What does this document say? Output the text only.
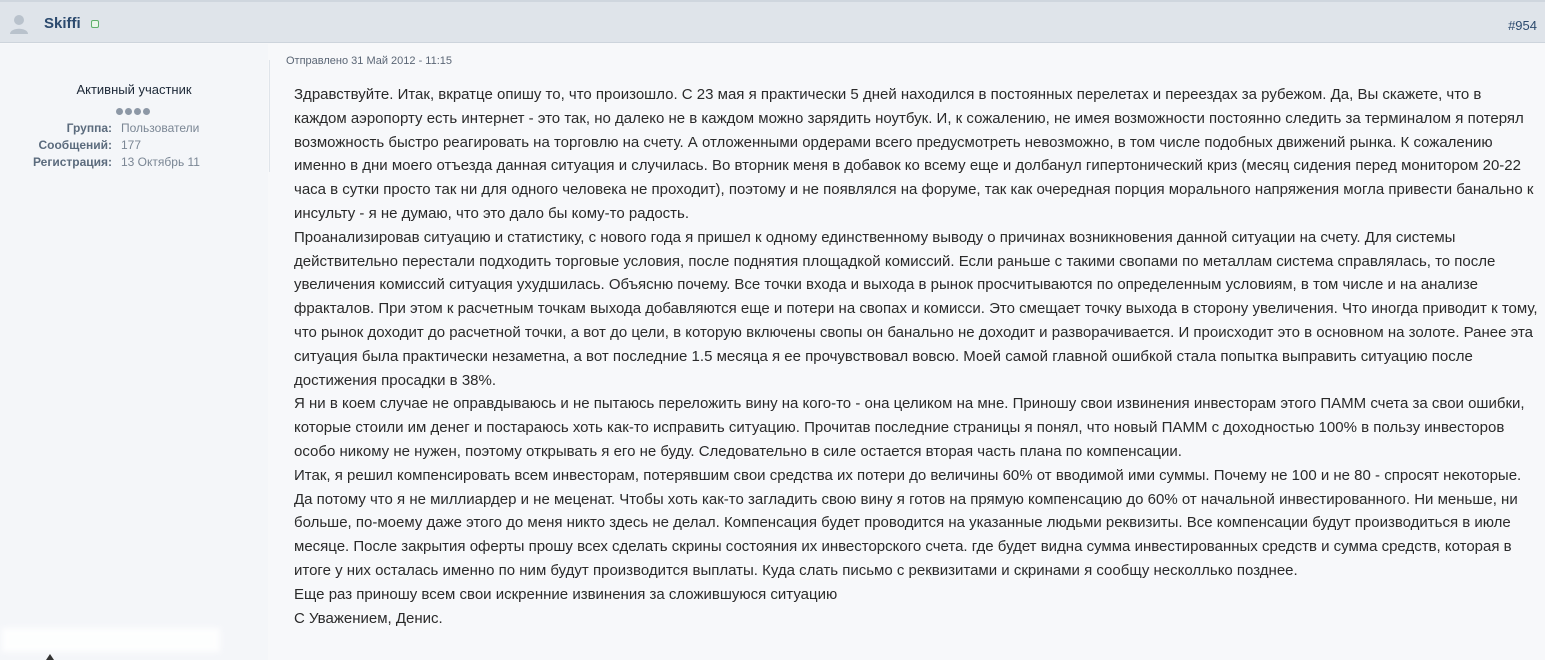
Skiffi	#954
Активный участник
Группа: Пользователи
Сообщений: 177
Регистрация: 13 Октябрь 11
Отправлено 31 Май 2012 - 11:15

Здравствуйте. Итак, вкратце опишу то, что произошло. С 23 мая я практически 5 дней находился в постоянных перелетах и переездах за рубежом. Да, Вы скажете, что в каждом аэропорту есть интернет - это так, но далеко не в каждом можно зарядить ноутбук. И, к сожалению, не имея возможности постоянно следить за терминалом я потерял возможность быстро реагировать на торговлю на счету. А отложенными ордерами всего предусмотреть невозможно, в том числе подобных движений рынка. К сожалению именно в дни моего отъезда данная ситуация и случилась. Во вторник меня в добавок ко всему еще и долбанул гипертонический криз (месяц сидения перед монитором 20-22 часа в сутки просто так ни для одного человека не проходит), поэтому и не появлялся на форуме, так как очередная порция морального напряжения могла привести банально к инсульту - я не думаю, что это дало бы кому-то радость.

Проанализировав ситуацию и статистику, с нового года я пришел к одному единственному выводу о причинах возникновения данной ситуации на счету. Для системы действительно перестали подходить торговые условия, после поднятия площадкой комиссий. Если раньше с такими свопами по металлам система справлялась, то после увеличения комиссий ситуация ухудшилась. Объясню почему. Все точки входа и выхода в рынок просчитываются по определенным условиям, в том числе и на анализе фракталов. При этом к расчетным точкам выхода добавляются еще и потери на свопах и комисси. Это смещает точку выхода в сторону увеличения. Что иногда приводит к тому, что рынок доходит до расчетной точки, а вот до цели, в которую включены свопы он банально не доходит и разворачивается. И происходит это в основном на золоте. Ранее эта ситуация была практически незаметна, а вот последние 1.5 месяца я ее прочувствовал вовсю. Моей самой главной ошибкой стала попытка выправить ситуацию после достижения просадки в 38%.

Я ни в коем случае не оправдываюсь и не пытаюсь переложить вину на кого-то - она целиком на мне. Приношу свои извинения инвесторам этого ПАММ счета за свои ошибки, которые стоили им денег и постараюсь хоть как-то исправить ситуацию. Прочитав последние страницы я понял, что новый ПАММ с доходностью 100% в пользу инвесторов особо никому не нужен, поэтому открывать я его не буду. Следовательно в силе остается вторая часть плана по компенсации.

Итак, я решил компенсировать всем инвесторам, потерявшим свои средства их потери до величины 60% от вводимой ими суммы. Почему не 100 и не 80 - спросят некоторые. Да потому что я не миллиардер и не меценат. Чтобы хоть как-то загладить свою вину я готов на прямую компенсацию до 60% от начальной инвестированного. Ни меньше, ни больше, по-моему даже этого до меня никто здесь не делал. Компенсация будет проводится на указанные людьми реквизиты. Все компенсации будут производиться в июле месяце. После закрытия оферты прошу всех сделать скрины состояния их инвесторского счета. где будет видна сумма инвестированных средств и сумма средств, которая в итоге у них осталась именно по ним будут производится выплаты. Куда слать письмо с реквизитами и скринами я сообщу несколлько позднее.

Еще раз приношу всем свои искренние извинения за сложившуюся ситуацию

С Уважением, Денис.
